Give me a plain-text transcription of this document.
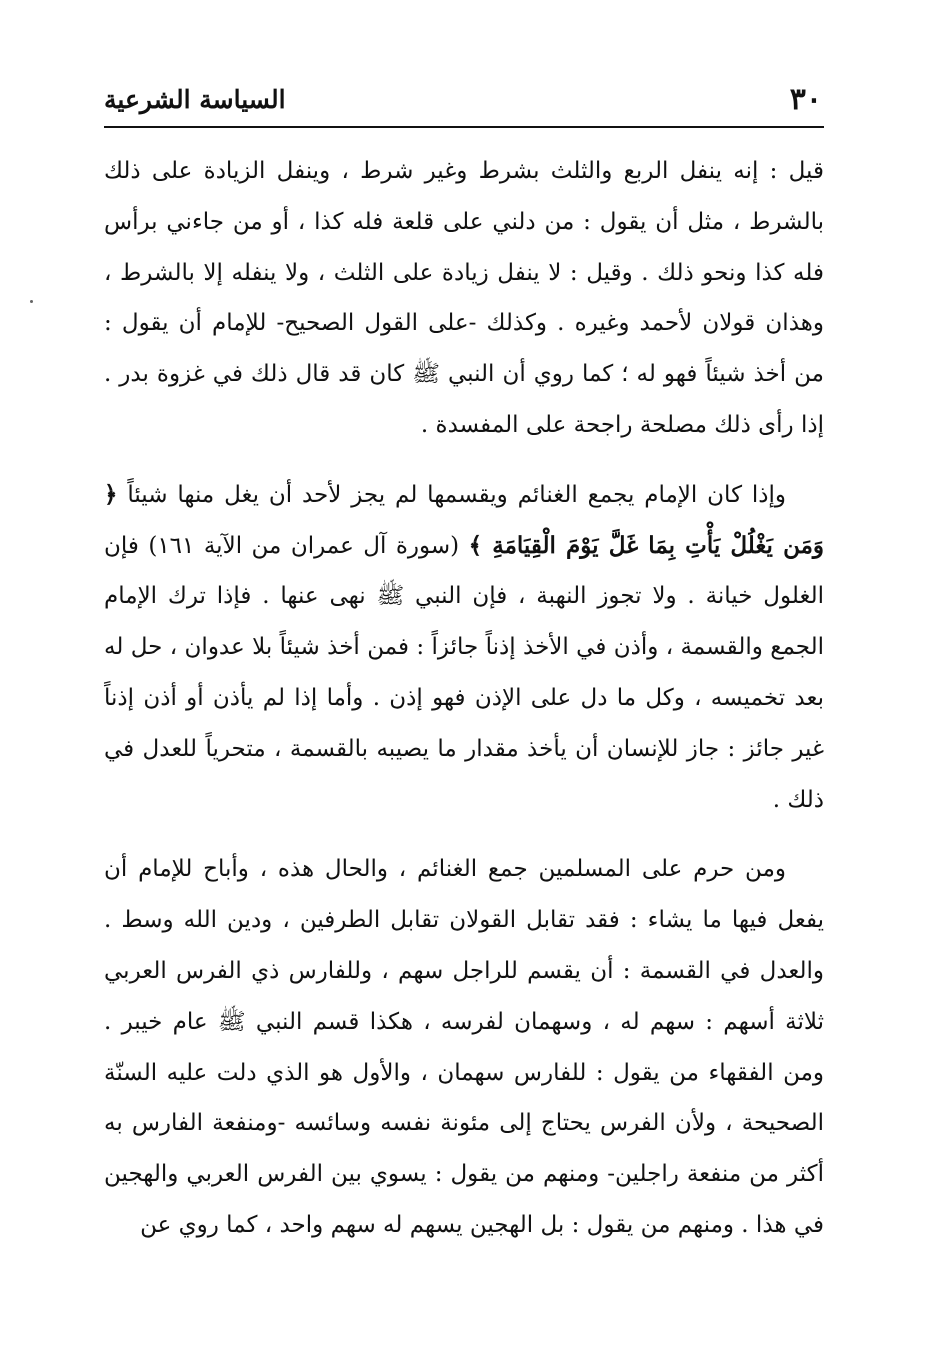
٣٠
السياسة الشرعية

قيل : إنه ينفل الربع والثلث بشرط وغير شرط ، وينفل الزيادة على ذلك بالشرط ، مثل أن يقول : من دلني على قلعة فله كذا ، أو من جاءني برأس فله كذا ونحو ذلك . وقيل : لا ينفل زيادة على الثلث ، ولا ينفله إلا بالشرط ، وهذان قولان لأحمد وغيره . وكذلك -على القول الصحيح- للإمام أن يقول : من أخذ شيئاً فهو له ؛ كما روي أن النبي ﷺ كان قد قال ذلك في غزوة بدر . إذا رأى ذلك مصلحة راجحة على المفسدة .

وإذا كان الإمام يجمع الغنائم ويقسمها لم يجز لأحد أن يغل منها شيئاً ﴿ وَمَن يَغْلُلْ يَأْتِ بِمَا غَلَّ يَوْمَ الْقِيَامَةِ ﴾ (سورة آل عمران من الآية ١٦١) فإن الغلول خيانة . ولا تجوز النهبة ، فإن النبي ﷺ نهى عنها . فإذا ترك الإمام الجمع والقسمة ، وأذن في الأخذ إذناً جائزاً : فمن أخذ شيئاً بلا عدوان ، حل له بعد تخميسه ، وكل ما دل على الإذن فهو إذن . وأما إذا لم يأذن أو أذن إذناً غير جائز : جاز للإنسان أن يأخذ مقدار ما يصيبه بالقسمة ، متحرياً للعدل في ذلك .

ومن حرم على المسلمين جمع الغنائم ، والحال هذه ، وأباح للإمام أن يفعل فيها ما يشاء : فقد تقابل القولان تقابل الطرفين ، ودين الله وسط . والعدل في القسمة : أن يقسم للراجل سهم ، وللفارس ذي الفرس العربي ثلاثة أسهم : سهم له ، وسهمان لفرسه ، هكذا قسم النبي ﷺ عام خيبر . ومن الفقهاء من يقول : للفارس سهمان ، والأول هو الذي دلت عليه السنّة الصحيحة ، ولأن الفرس يحتاج إلى مئونة نفسه وسائسه -ومنفعة الفارس به أكثر من منفعة راجلين- ومنهم من يقول : يسوي بين الفرس العربي والهجين في هذا . ومنهم من يقول : بل الهجين يسهم له سهم واحد ، كما روي عن
